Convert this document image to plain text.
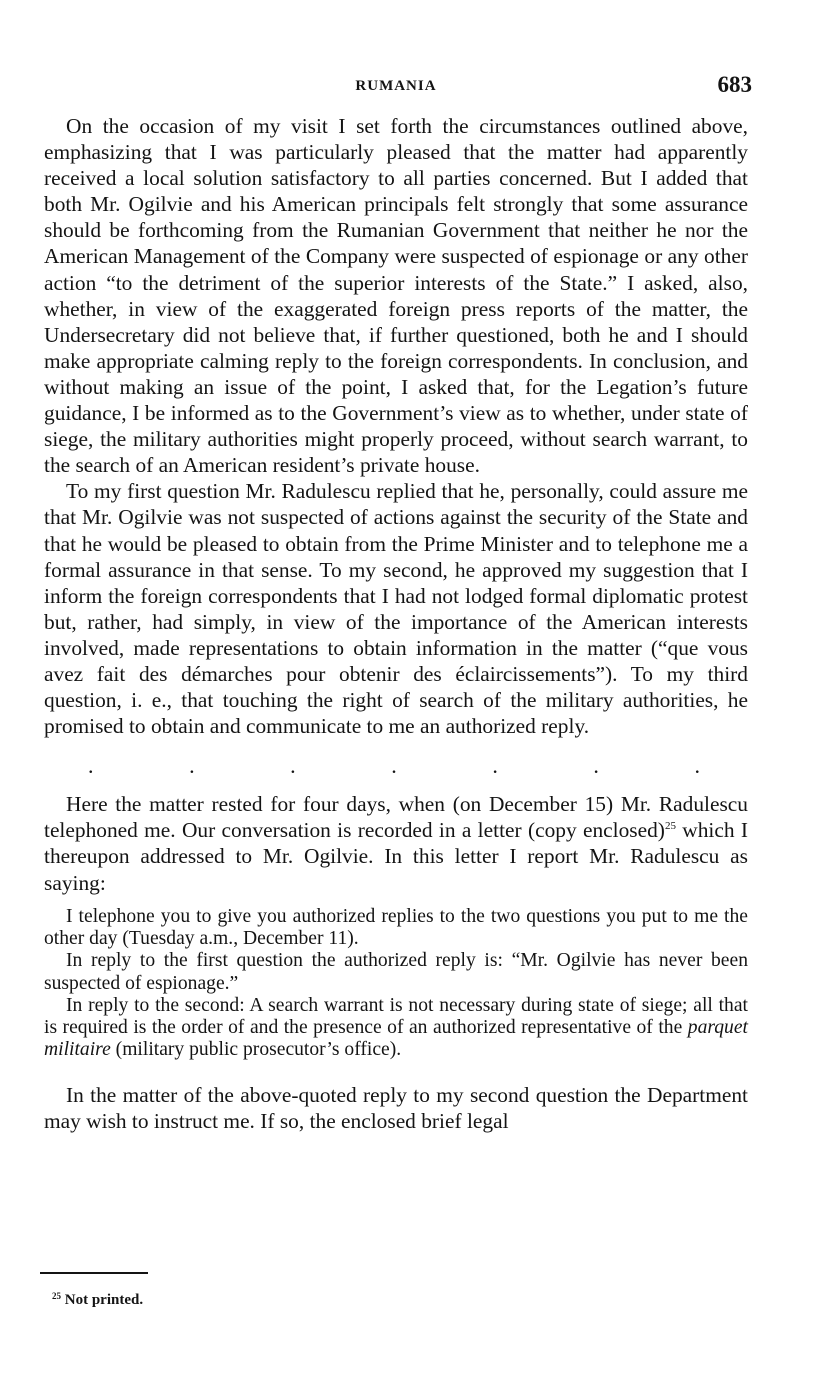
RUMANIA	683

On the occasion of my visit I set forth the circumstances outlined above, emphasizing that I was particularly pleased that the matter had apparently received a local solution satisfactory to all parties concerned. But I added that both Mr. Ogilvie and his American principals felt strongly that some assurance should be forthcoming from the Rumanian Government that neither he nor the American Management of the Company were suspected of espionage or any other action “to the detriment of the superior interests of the State.” I asked, also, whether, in view of the exaggerated foreign press reports of the matter, the Undersecretary did not believe that, if further questioned, both he and I should make appropriate calming reply to the foreign correspondents. In conclusion, and without making an issue of the point, I asked that, for the Legation’s future guidance, I be informed as to the Government’s view as to whether, under state of siege, the military authorities might properly proceed, without search warrant, to the search of an American resident’s private house.

To my first question Mr. Radulescu replied that he, personally, could assure me that Mr. Ogilvie was not suspected of actions against the security of the State and that he would be pleased to obtain from the Prime Minister and to telephone me a formal assurance in that sense. To my second, he approved my suggestion that I inform the foreign correspondents that I had not lodged formal diplomatic protest but, rather, had simply, in view of the importance of the American interests involved, made representations to obtain information in the matter (“que vous avez fait des démarches pour obtenir des éclaircissements”). To my third question, i. e., that touching the right of search of the military authorities, he promised to obtain and communicate to me an authorized reply.

.	.	.	.	.	.	.

Here the matter rested for four days, when (on December 15) Mr. Radulescu telephoned me. Our conversation is recorded in a letter (copy enclosed)$^{25}$ which I thereupon addressed to Mr. Ogilvie. In this letter I report Mr. Radulescu as saying:

I telephone you to give you authorized replies to the two questions you put to me the other day (Tuesday a.m., December 11).

In reply to the first question the authorized reply is: “Mr. Ogilvie has never been suspected of espionage.”

In reply to the second: A search warrant is not necessary during state of siege; all that is required is the order of and the presence of an authorized representative of the parquet militaire (military public prosecutor’s office).

In the matter of the above-quoted reply to my second question the Department may wish to instruct me. If so, the enclosed brief legal

$^{25}$ Not printed.
